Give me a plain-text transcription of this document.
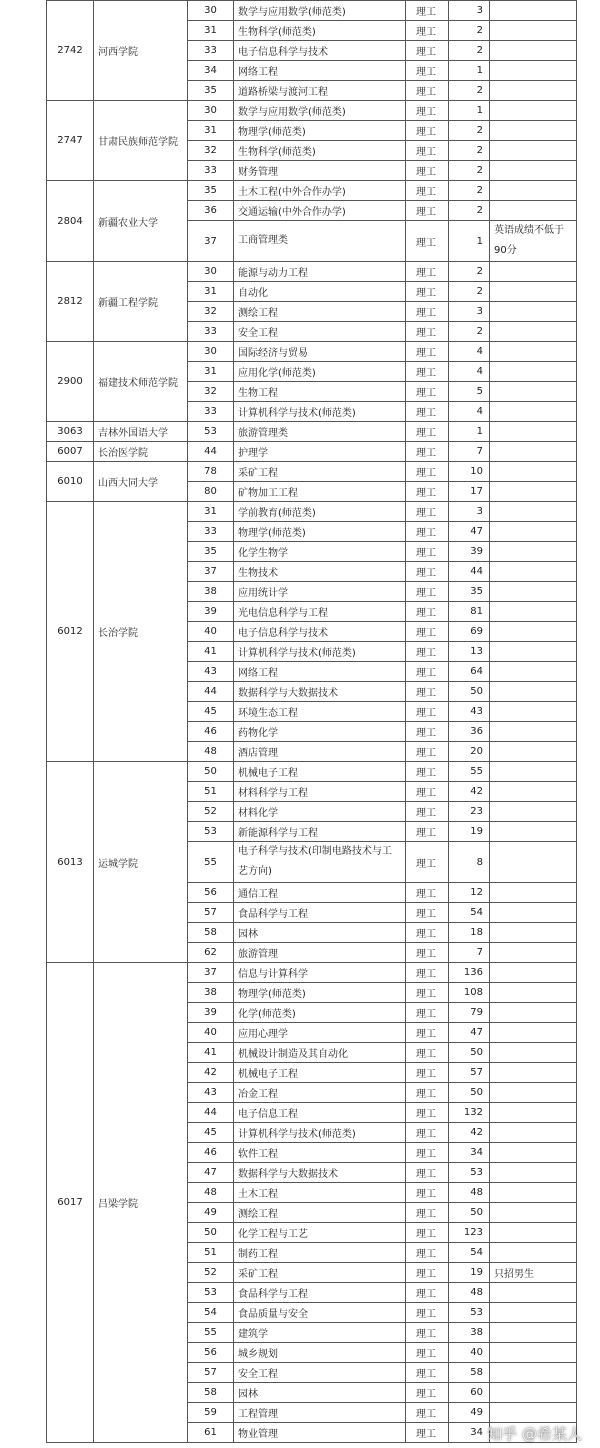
2742	河西学院	30	数学与应用数学(师范类)	理工	3	
		31	生物科学(师范类)	理工	2	
		33	电子信息科学与技术	理工	2	
		34	网络工程	理工	1	
		35	道路桥梁与渡河工程	理工	2	
2747	甘肃民族师范学院	30	数学与应用数学(师范类)	理工	1	
		31	物理学(师范类)	理工	2	
		32	生物科学(师范类)	理工	2	
		33	财务管理	理工	2	
2804	新疆农业大学	35	土木工程(中外合作办学)	理工	2	
		36	交通运输(中外合作办学)	理工	2	
		37	工商管理类	理工	1	英语成绩不低于90分
2812	新疆工程学院	30	能源与动力工程	理工	2	
		31	自动化	理工	2	
		32	测绘工程	理工	3	
		33	安全工程	理工	2	
2900	福建技术师范学院	30	国际经济与贸易	理工	4	
		31	应用化学(师范类)	理工	4	
		32	生物工程	理工	5	
		33	计算机科学与技术(师范类)	理工	4	
3063	吉林外国语大学	53	旅游管理类	理工	1	
6007	长治医学院	44	护理学	理工	7	
6010	山西大同大学	78	采矿工程	理工	10	
		80	矿物加工工程	理工	17	
6012	长治学院	31	学前教育(师范类)	理工	3	
		33	物理学(师范类)	理工	47	
		35	化学生物学	理工	39	
		37	生物技术	理工	44	
		38	应用统计学	理工	35	
		39	光电信息科学与工程	理工	81	
		40	电子信息科学与技术	理工	69	
		41	计算机科学与技术(师范类)	理工	13	
		43	网络工程	理工	64	
		44	数据科学与大数据技术	理工	50	
		45	环境生态工程	理工	43	
		46	药物化学	理工	36	
		48	酒店管理	理工	20	
6013	运城学院	50	机械电子工程	理工	55	
		51	材料科学与工程	理工	42	
		52	材料化学	理工	23	
		53	新能源科学与工程	理工	19	
		55	电子科学与技术(印制电路技术与工艺方向)	理工	8	
		56	通信工程	理工	12	
		57	食品科学与工程	理工	54	
		58	园林	理工	18	
		62	旅游管理	理工	7	
6017	吕梁学院	37	信息与计算科学	理工	136	
		38	物理学(师范类)	理工	108	
		39	化学(师范类)	理工	79	
		40	应用心理学	理工	47	
		41	机械设计制造及其自动化	理工	50	
		42	机械电子工程	理工	57	
		43	冶金工程	理工	50	
		44	电子信息工程	理工	132	
		45	计算机科学与技术(师范类)	理工	42	
		46	软件工程	理工	34	
		47	数据科学与大数据技术	理工	53	
		48	土木工程	理工	48	
		49	测绘工程	理工	50	
		50	化学工程与工艺	理工	123	
		51	制药工程	理工	54	
		52	采矿工程	理工	19	只招男生
		53	食品科学与工程	理工	48	
		54	食品质量与安全	理工	53	
		55	建筑学	理工	38	
		56	城乡规划	理工	40	
		57	安全工程	理工	58	
		58	园林	理工	60	
		59	工程管理	理工	49	
		61	物业管理	理工	34	知乎 @希某人
